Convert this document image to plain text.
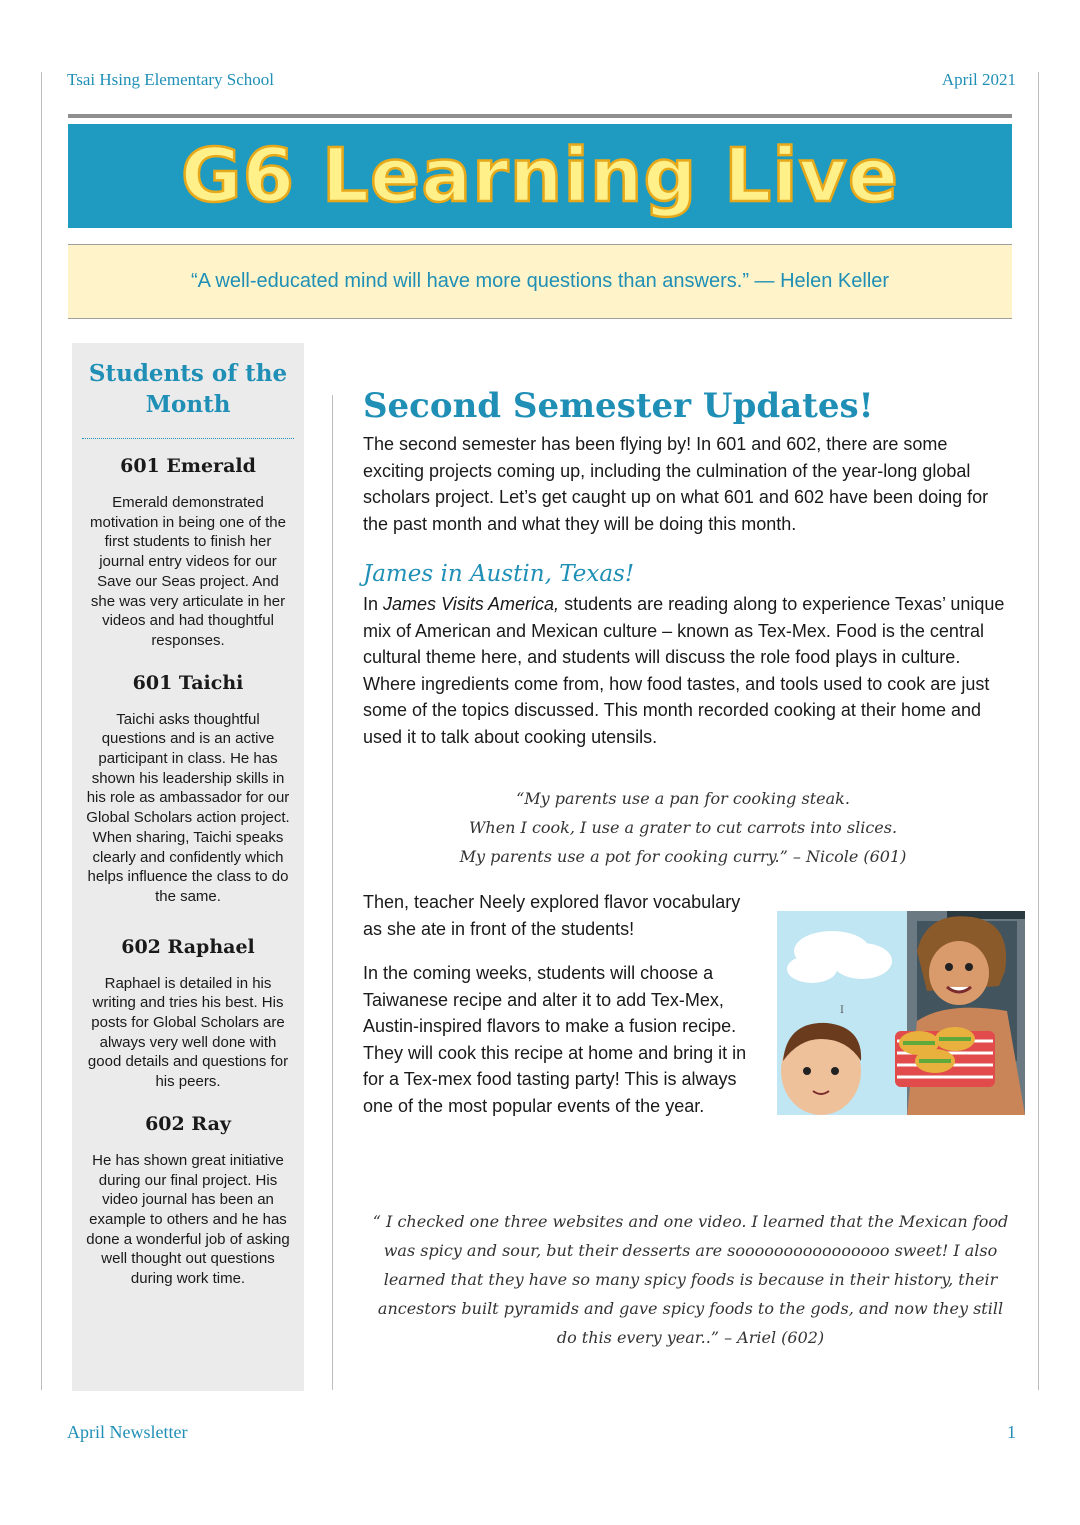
Tsai Hsing Elementary School	April 2021
G6 Learning Live
“A well-educated mind will have more questions than answers.” — Helen Keller
Students of the Month
601 Emerald
Emerald demonstrated motivation in being one of the first students to finish her journal entry videos for our Save our Seas project. And she was very articulate in her videos and had thoughtful responses.
601 Taichi
Taichi asks thoughtful questions and is an active participant in class. He has shown his leadership skills in his role as ambassador for our Global Scholars action project. When sharing, Taichi speaks clearly and confidently which helps influence the class to do the same.
602 Raphael
Raphael is detailed in his writing and tries his best. His posts for Global Scholars are always very well done with good details and questions for his peers.
602 Ray
He has shown great initiative during our final project. His video journal has been an example to others and he has done a wonderful job of asking well thought out questions during work time.
Second Semester Updates!
The second semester has been flying by! In 601 and 602, there are some exciting projects coming up, including the culmination of the year-long global scholars project. Let’s get caught up on what 601 and 602 have been doing for the past month and what they will be doing this month.
James in Austin, Texas!
In James Visits America, students are reading along to experience Texas’ unique mix of American and Mexican culture – known as Tex-Mex. Food is the central cultural theme here, and students will discuss the role food plays in culture. Where ingredients come from, how food tastes, and tools used to cook are just some of the topics discussed. This month recorded cooking at their home and used it to talk about cooking utensils.
“My parents use a pan for cooking steak.
When I cook, I use a grater to cut carrots into slices.
My parents use a pot for cooking curry.” – Nicole (601)
Then, teacher Neely explored flavor vocabulary as she ate in front of the students!
In the coming weeks, students will choose a Taiwanese recipe and alter it to add Tex-Mex, Austin-inspired flavors to make a fusion recipe. They will cook this recipe at home and bring it in for a Tex-mex food tasting party! This is always one of the most popular events of the year.
I
“ I checked one three websites and one video. I learned that the Mexican food was spicy and sour, but their desserts are soooooooooooooooo sweet! I also learned that they have so many spicy foods is because in their history, their ancestors built pyramids and gave spicy foods to the gods, and now they still do this every year..” – Ariel (602)
April Newsletter	1
